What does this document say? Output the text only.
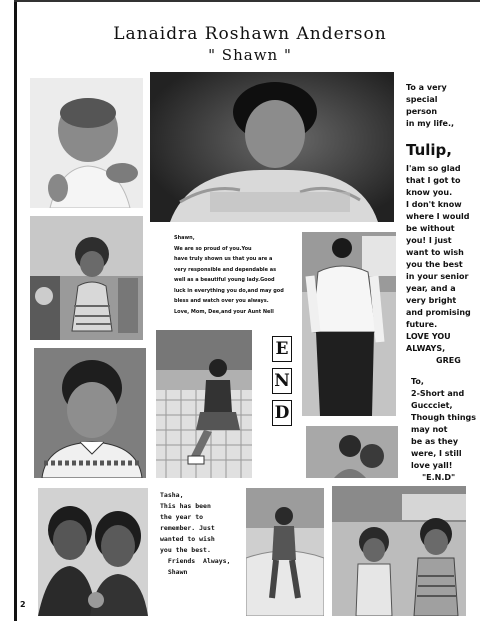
Lanaidra Roshawn Anderson
" Shawn "
Shawn,
We are so proud of you.You
have truly shown us that you are a
very responsible and dependable as
well as a beautiful young lady.Good
luck in everything you do,and may god
bless and watch over you always.
Love, Mom, Dee,and your Aunt Nell
E
N
D
To a very
special
person
in my life.,
Tulip,
I'am so glad
that I got to
know you.
I don't know
where I would
be without
you! I just
want to wish
you the best
in your senior
year, and a
very bright
and promising
future.
LOVE YOU
ALWAYS,
GREG
To,
2-Short and
Guccciet,
Though things
may not
be as they
were, I still
love yall!
"E.N.D"
Tasha,
This has been
the year to
remember. Just
wanted to wish
you the best.
Friends  Always,
Shawn
2
